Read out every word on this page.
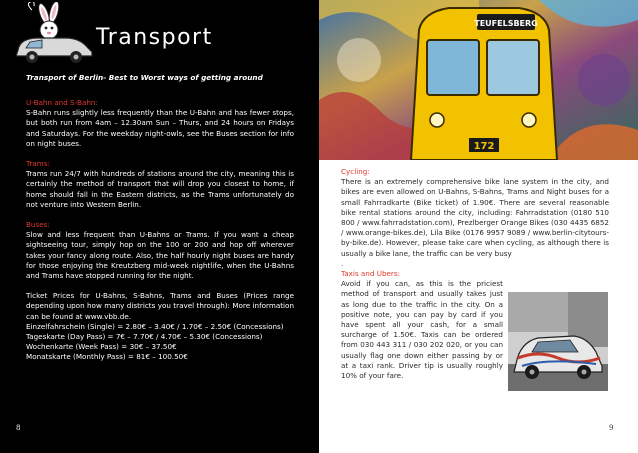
Transport

Transport of Berlin- Best to Worst ways of getting around

U-Bahn and S-Bahn:
S-Bahn runs slightly less frequently than the U-Bahn and has fewer stops, but both run from 4am – 12.30am Sun – Thurs, and 24 hours on Fridays and Saturdays. For the weekday night-owls, see the Buses section for info on night buses.

Trams:
Trams run 24/7 with hundreds of stations around the city, meaning this is certainly the method of transport that will drop you closest to home, if home should fall in the Eastern districts, as the Trams unfortunately do not venture into Western Berlin.

Buses:
Slow and less frequent than U-Bahns or Trams. If you want a cheap sightseeing tour, simply hop on the 100 or 200 and hop off wherever takes your fancy along route. Also, the half hourly night buses are handy for those enjoying the Kreutzberg mid-week nightlife, when the U-Bahns and Trams have stopped running for the night.

Ticket Prices for U-Bahns, S-Bahns, Trams and Buses (Prices range depending upon how many districts you travel through): More information can be found at www.vbb.de.

Einzelfahrschein (Single) = 2.80€ – 3.40€ / 1.70€ – 2.50€ (Concessions)
Tageskarte (Day Pass) = 7€ – 7.70€ / 4.70€ – 5.30€ (Concessions)
Wochenkarte (Week Pass) = 30€ – 37.50€
Monatskarte (Monthly Pass) = 81€ – 100.50€
8
TEUFELSBERG
172

Cycling:
There is an extremely comprehensive bike lane system in the city, and bikes are even allowed on U-Bahns, S-Bahns, Trams and Night buses for a small Fahrradkarte (Bike ticket) of 1.90€. There are several reasonable bike rental stations around the city, including: Fahrradstation (0180 510 800 / www.fahrradstation.com), Prezlberger Orange Bikes (030 4435 6852 / www.orange-bikes.de), Lila Bike (0176 9957 9089 / www.berlin-citytours-by-bike.de). However, please take care when cycling, as although there is usually a bike lane, the traffic can be very busy

.

Taxis and Ubers:
Avoid if you can, as this is the priciest method of transport and usually takes just as long due to the traffic in the city. On a positive note, you can pay by card if you have spent all your cash, for a small surcharge of 1.50€. Taxis can be ordered from 030 443 311 / 030 202 020, or you can usually flag one down either passing by or at a taxi rank. Driver tip is usually roughly 10% of your fare.

9
